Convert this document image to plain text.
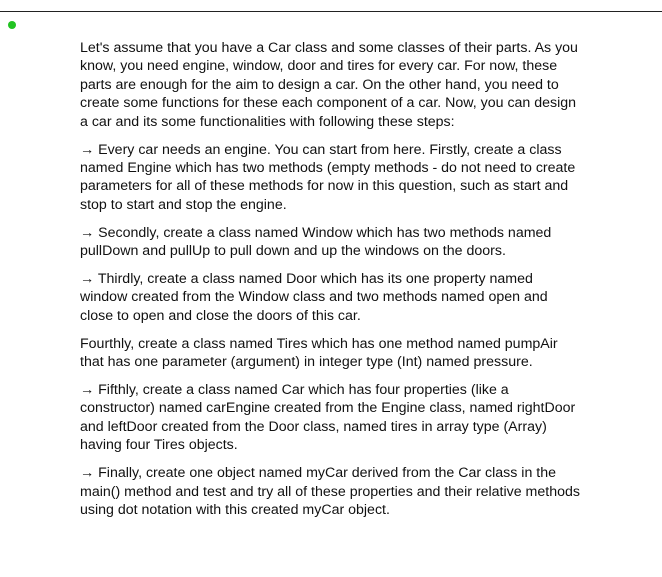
Let's assume that you have a Car class and some classes of their parts. As you know, you need engine, window, door and tires for every car. For now, these parts are enough for the aim to design a car. On the other hand, you need to create some functions for these each component of a car. Now, you can design a car and its some functionalities with following these steps:

→ Every car needs an engine. You can start from here. Firstly, create a class named Engine which has two methods (empty methods - do not need to create parameters for all of these methods for now in this question, such as start and stop to start and stop the engine.

→ Secondly, create a class named Window which has two methods named pullDown and pullUp to pull down and up the windows on the doors.

→ Thirdly, create a class named Door which has its one property named window created from the Window class and two methods named open and close to open and close the doors of this car.

Fourthly, create a class named Tires which has one method named pumpAir that has one parameter (argument) in integer type (Int) named pressure.

→ Fifthly, create a class named Car which has four properties (like a constructor) named carEngine created from the Engine class, named rightDoor and leftDoor created from the Door class, named tires in array type (Array) having four Tires objects.

→ Finally, create one object named myCar derived from the Car class in the main() method and test and try all of these properties and their relative methods using dot notation with this created myCar object.
